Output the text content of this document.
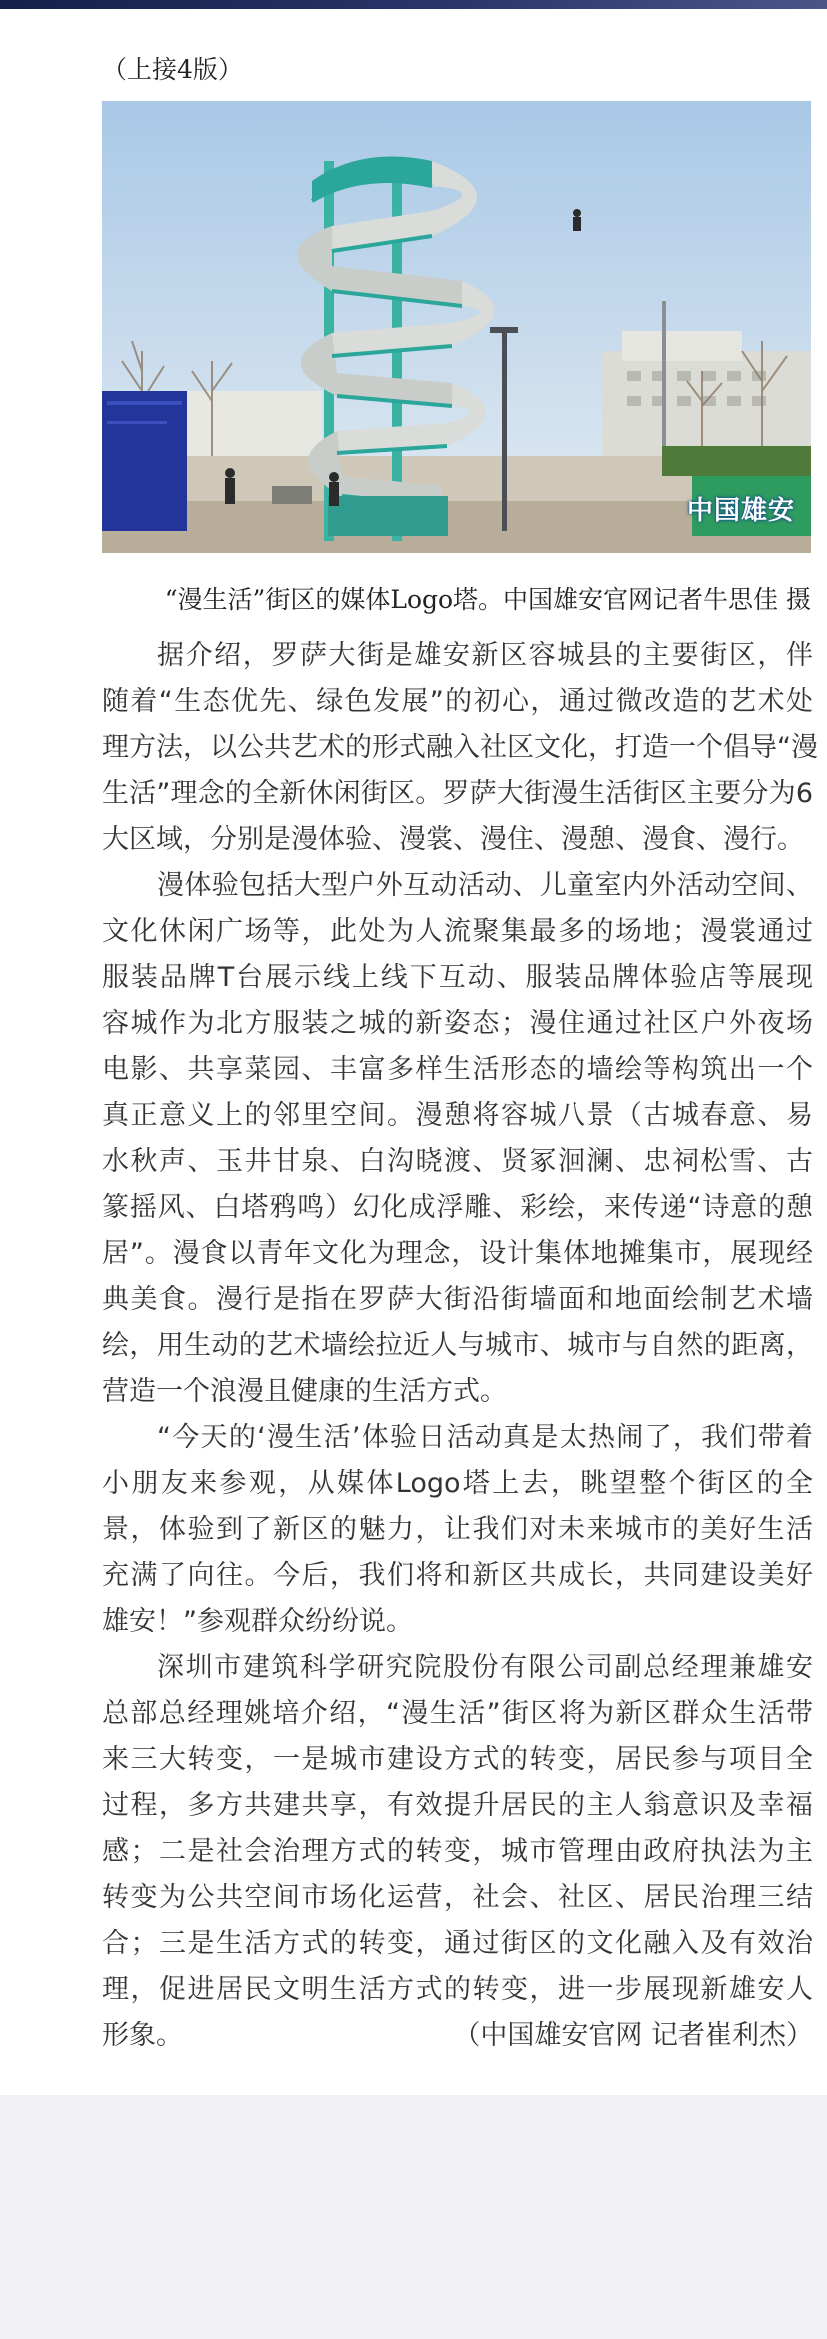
（上接4版）

中国雄安

“漫生活”街区的媒体Logo塔。中国雄安官网记者牛思佳 摄

据介绍，罗萨大街是雄安新区容城县的主要街区，伴
随着“生态优先、绿色发展”的初心，通过微改造的艺术处
理方法，以公共艺术的形式融入社区文化，打造一个倡导“漫
生活”理念的全新休闲街区。罗萨大街漫生活街区主要分为6
大区域，分别是漫体验、漫裳、漫住、漫憩、漫食、漫行。

漫体验包括大型户外互动活动、儿童室内外活动空间、
文化休闲广场等，此处为人流聚集最多的场地；漫裳通过
服装品牌T台展示线上线下互动、服装品牌体验店等展现
容城作为北方服装之城的新姿态；漫住通过社区户外夜场
电影、共享菜园、丰富多样生活形态的墙绘等构筑出一个
真正意义上的邻里空间。漫憩将容城八景（古城春意、易
水秋声、玉井甘泉、白沟晓渡、贤冢洄澜、忠祠松雪、古
篆摇风、白塔鸦鸣）幻化成浮雕、彩绘，来传递“诗意的憩
居”。漫食以青年文化为理念，设计集体地摊集市，展现经
典美食。漫行是指在罗萨大街沿街墙面和地面绘制艺术墙
绘，用生动的艺术墙绘拉近人与城市、城市与自然的距离，
营造一个浪漫且健康的生活方式。

“今天的‘漫生活’体验日活动真是太热闹了，我们带着
小朋友来参观，从媒体Logo塔上去，眺望整个街区的全
景，体验到了新区的魅力，让我们对未来城市的美好生活
充满了向往。今后，我们将和新区共成长，共同建设美好
雄安！”参观群众纷纷说。

深圳市建筑科学研究院股份有限公司副总经理兼雄安
总部总经理姚培介绍，“漫生活”街区将为新区群众生活带
来三大转变，一是城市建设方式的转变，居民参与项目全
过程，多方共建共享，有效提升居民的主人翁意识及幸福
感；二是社会治理方式的转变，城市管理由政府执法为主
转变为公共空间市场化运营，社会、社区、居民治理三结
合；三是生活方式的转变，通过街区的文化融入及有效治
理，促进居民文明生活方式的转变，进一步展现新雄安人
形象。	（中国雄安官网 记者崔利杰）
